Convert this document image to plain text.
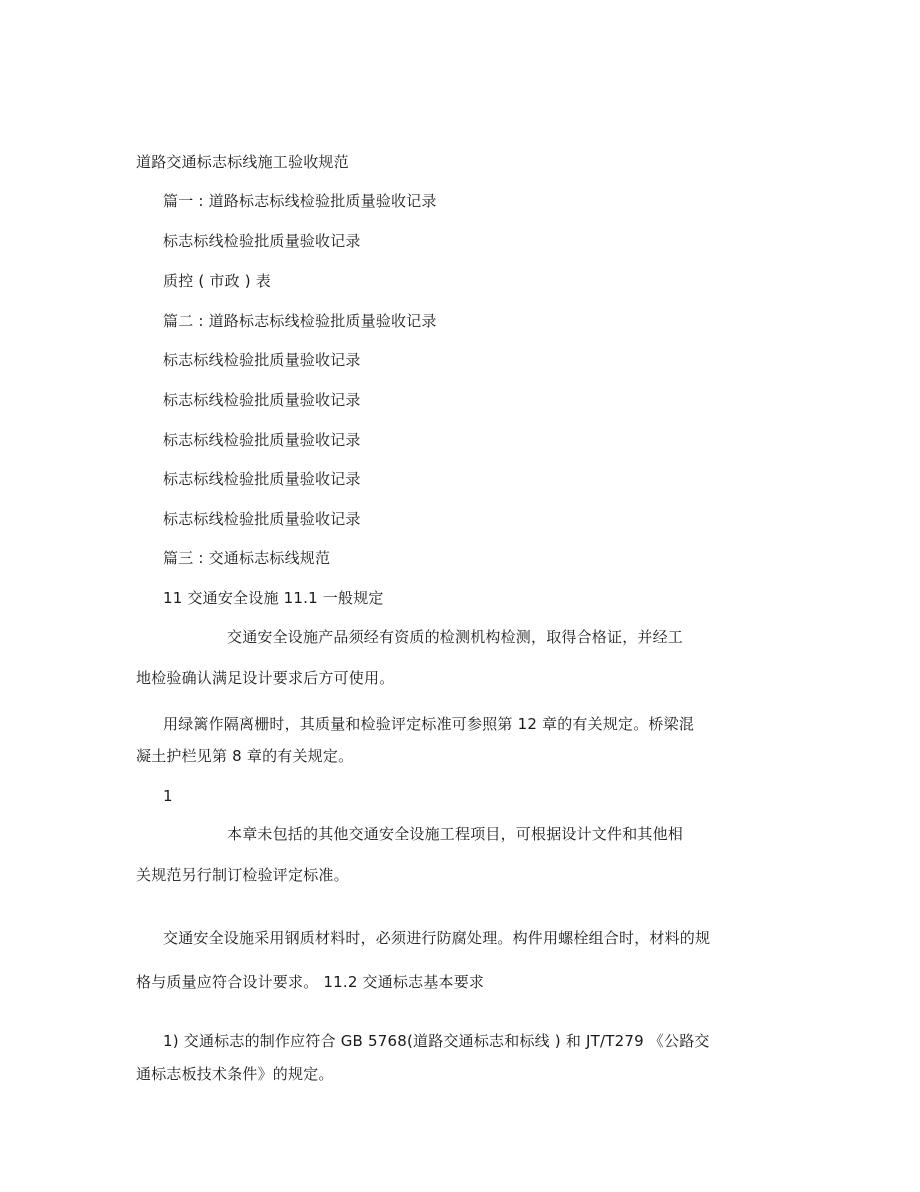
道路交通标志标线施工验收规范
篇一 : 道路标志标线检验批质量验收记录
标志标线检验批质量验收记录
质控 ( 市政 ) 表
篇二 : 道路标志标线检验批质量验收记录
标志标线检验批质量验收记录
标志标线检验批质量验收记录
标志标线检验批质量验收记录
标志标线检验批质量验收记录
标志标线检验批质量验收记录
篇三 : 交通标志标线规范
11 交通安全设施 11.1 一般规定
交通安全设施产品须经有资质的检测机构检测，取得合格证，并经工
地检验确认满足设计要求后方可使用。
用绿篱作隔离栅时，其质量和检验评定标准可参照第 12 章的有关规定。桥梁混
凝土护栏见第 8 章的有关规定。
1
本章未包括的其他交通安全设施工程项目，可根据设计文件和其他相
关规范另行制订检验评定标准。
交通安全设施采用钢质材料时，必须进行防腐处理。构件用螺栓组合时，材料的规
格与质量应符合设计要求。 11.2 交通标志基本要求
1) 交通标志的制作应符合 GB 5768(道路交通标志和标线 ) 和 JT/T279 《公路交
通标志板技术条件》的规定。
